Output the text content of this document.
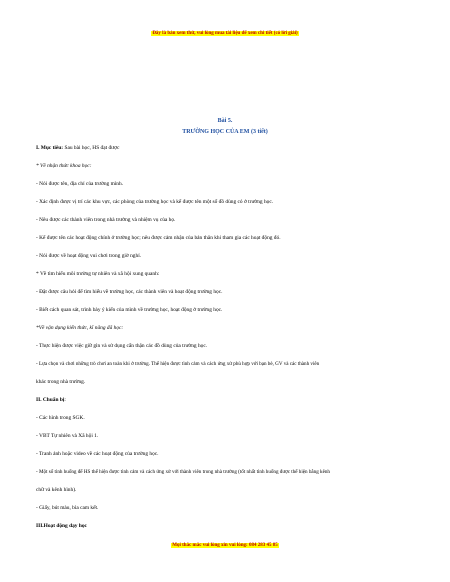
Đây là bản xem thử, vui lòng mua tài liệu để xem chi tiết (có lời giải)
Bài 5.
TRƯỜNG HỌC CỦA EM (3 tiết)
I. Mục tiêu: Sau bài học, HS đạt được
* Về nhận thức khoa học:
- Nói được tên, địa chỉ của trường mình.
- Xác định được vị trí các khu vực, các phòng của trường học và kể được tên một số đồ dùng có ở trường học.
- Nêu được các thành viên trong nhà trường và nhiệm vụ của họ.
- Kể được tên các hoạt động chính ở trường học; nêu được cảm nhận của bản thân khi tham gia các hoạt động đó.
- Nói được về hoạt động vui chơi trong giờ nghỉ.
* Về tìm hiểu môi trường tự nhiên và xã hội xung quanh:
- Đặt được câu hỏi để tìm hiểu về trường học, các thành viên và hoạt động trường học.
- Biết cách quan sát, trình bày ý kiến của mình về trường học, hoạt động ở trường học.
*Về vận dụng kiến thức, kĩ năng đã học:
- Thực hiện được việc giữ gìn và sử dụng cẩn thận các đồ dùng của trường học.
- Lựa chọn và chơi những trò chơi an toàn khi ở trường. Thể hiện được tình cảm và cách ứng xử phù hợp với bạn bè, GV và các thành viên
khác trong nhà trường.
II. Chuẩn bị:
- Các hình trong SGK.
- VBT Tự nhiên và Xã hội 1.
- Tranh ảnh hoặc video về các hoạt động của trường học.
- Một số tình huống để HS thể hiện được tình cảm và cách ứng xử với thành viên trong nhà trường (tốt nhất tình huống được thể hiện bằng kênh
chữ và kênh hình).
- Giấy, bút màu, bìa cam kết.
III.Hoạt động dạy học
Mọi thắc mắc vui lòng xin vui lòng: 084 283 45 85
